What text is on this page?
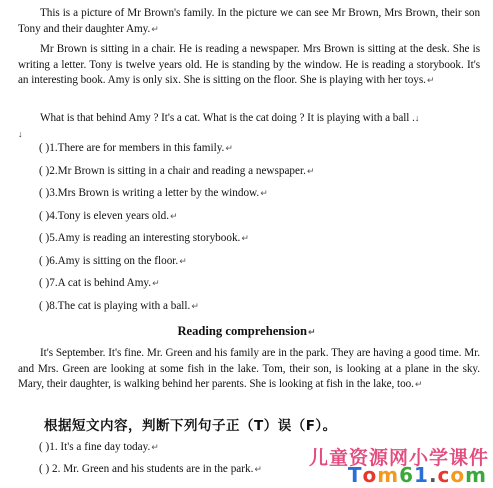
This is a picture of Mr Brown's family. In the picture we can see Mr Brown, Mrs Brown, their son Tony and their daughter Amy.↵

Mr Brown is sitting in a chair. He is reading a newspaper. Mrs Brown is sitting at the desk. She is writing a letter. Tony is twelve years old. He is standing by the window. He is reading a storybook. It's an interesting book. Amy is only six. She is sitting on the floor. She is playing with her toys.↵

What is that behind Amy ? It's a cat. What is the cat doing ? It is playing with a ball .↓

↓
( )1.There are for members in this family.↵
( )2.Mr Brown is sitting in a chair and reading a newspaper.↵
( )3.Mrs Brown is writing a letter by the window.↵
( )4.Tony is eleven years old.↵
( )5.Amy is reading an interesting storybook.↵
( )6.Amy is sitting on the floor.↵
( )7.A cat is behind Amy.↵
( )8.The cat is playing with a ball.↵
Reading comprehension↵

It's September. It's fine. Mr. Green and his family are in the park. They are having a good time. Mr. and Mrs. Green are looking at some fish in the lake. Tom, their son, is looking at a plane in the sky. Mary, their daughter, is walking behind her parents. She is looking at fish in the lake, too.↵

根据短文内容，判断下列句子正（T）误（F）。
( )1. It's a fine day today.↵
( ) 2. Mr. Green and his students are in the park.↵
儿童资源网小学课件
Tom61.com
